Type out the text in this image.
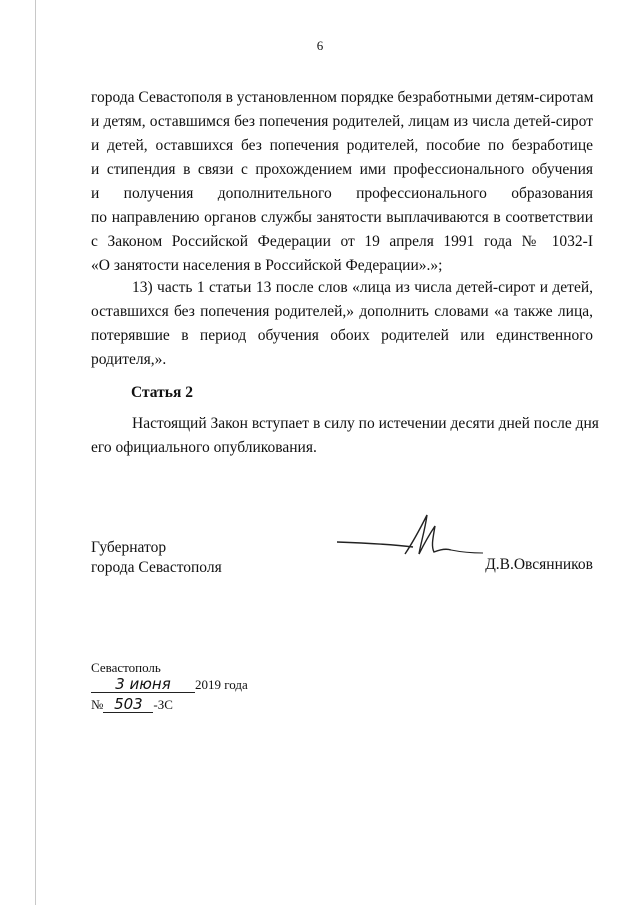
6
города Севастополя в установленном порядке безработными детям-сиротам
и детям, оставшимся без попечения родителей, лицам из числа детей-сирот
и детей, оставшихся без попечения родителей, пособие по безработице
и стипендия в связи с прохождением ими профессионального обучения
и получения дополнительного профессионального образования
по направлению органов службы занятости выплачиваются в соответствии
с Законом Российской Федерации от 19 апреля 1991 года № 1032-I
«О занятости населения в Российской Федерации».»;
13) часть 1 статьи 13 после слов «лица из числа детей-сирот и детей,
оставшихся без попечения родителей,» дополнить словами «а также лица,
потерявшие в период обучения обоих родителей или единственного
родителя,».
Статья 2
Настоящий Закон вступает в силу по истечении десяти дней после дня
его официального опубликования.
Губернатор
города Севастополя	Д.В.Овсянников
Севастополь
3 июня 2019 года
№ 503 -ЗС
